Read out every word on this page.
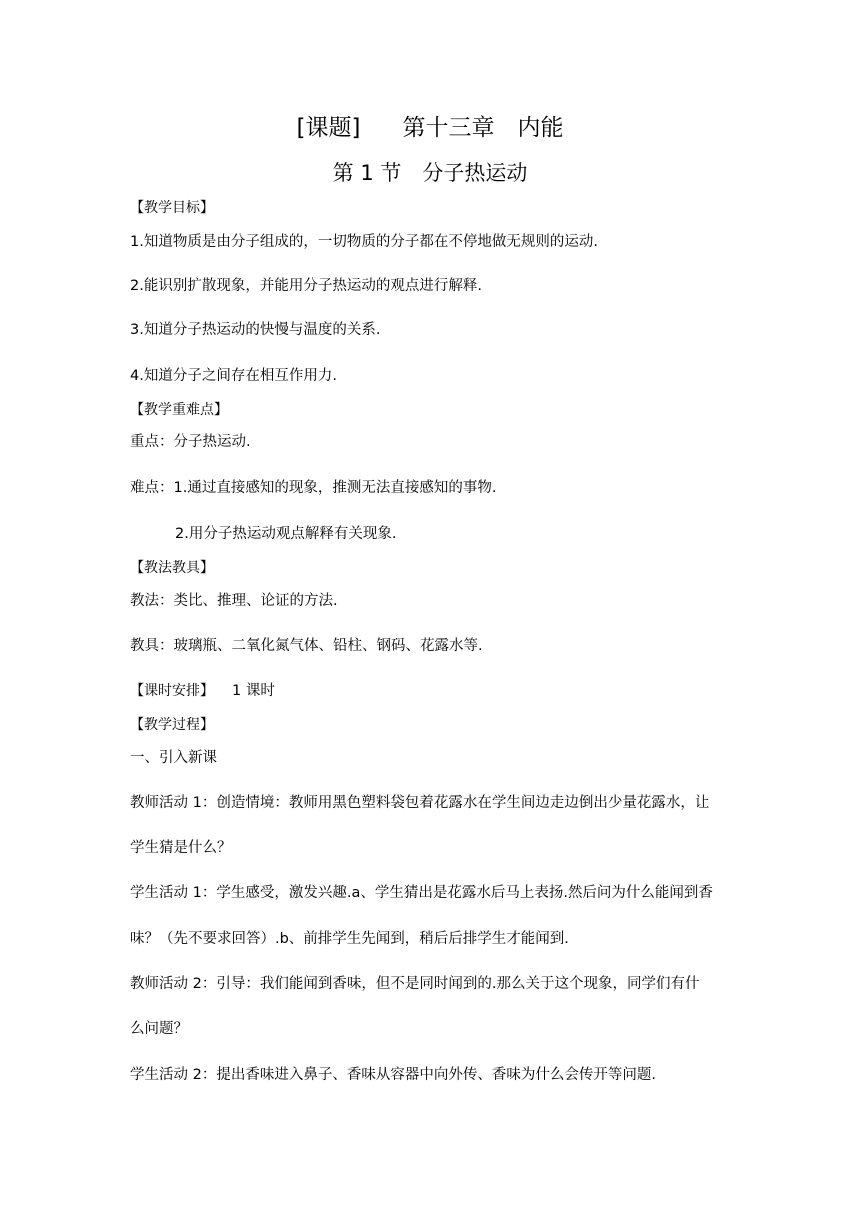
[课题] 第十三章　内能
第 1 节　分子热运动
【教学目标】
1.知道物质是由分子组成的，一切物质的分子都在不停地做无规则的运动.
2.能识别扩散现象，并能用分子热运动的观点进行解释.
3.知道分子热运动的快慢与温度的关系.
4.知道分子之间存在相互作用力.
【教学重难点】
重点：分子热运动.
难点：1.通过直接感知的现象，推测无法直接感知的事物.
2.用分子热运动观点解释有关现象.
【教法教具】
教法：类比、推理、论证的方法.
教具：玻璃瓶、二氧化氮气体、铅柱、钢码、花露水等.
【课时安排】 1 课时
【教学过程】
一、引入新课
教师活动 1：创造情境：教师用黑色塑料袋包着花露水在学生间边走边倒出少量花露水，让
学生猜是什么？
学生活动 1：学生感受，激发兴趣.a、学生猜出是花露水后马上表扬.然后问为什么能闻到香
味？（先不要求回答）.b、前排学生先闻到，稍后后排学生才能闻到.
教师活动 2：引导：我们能闻到香味，但不是同时闻到的.那么关于这个现象，同学们有什
么问题？
学生活动 2：提出香味进入鼻子、香味从容器中向外传、香味为什么会传开等问题.
